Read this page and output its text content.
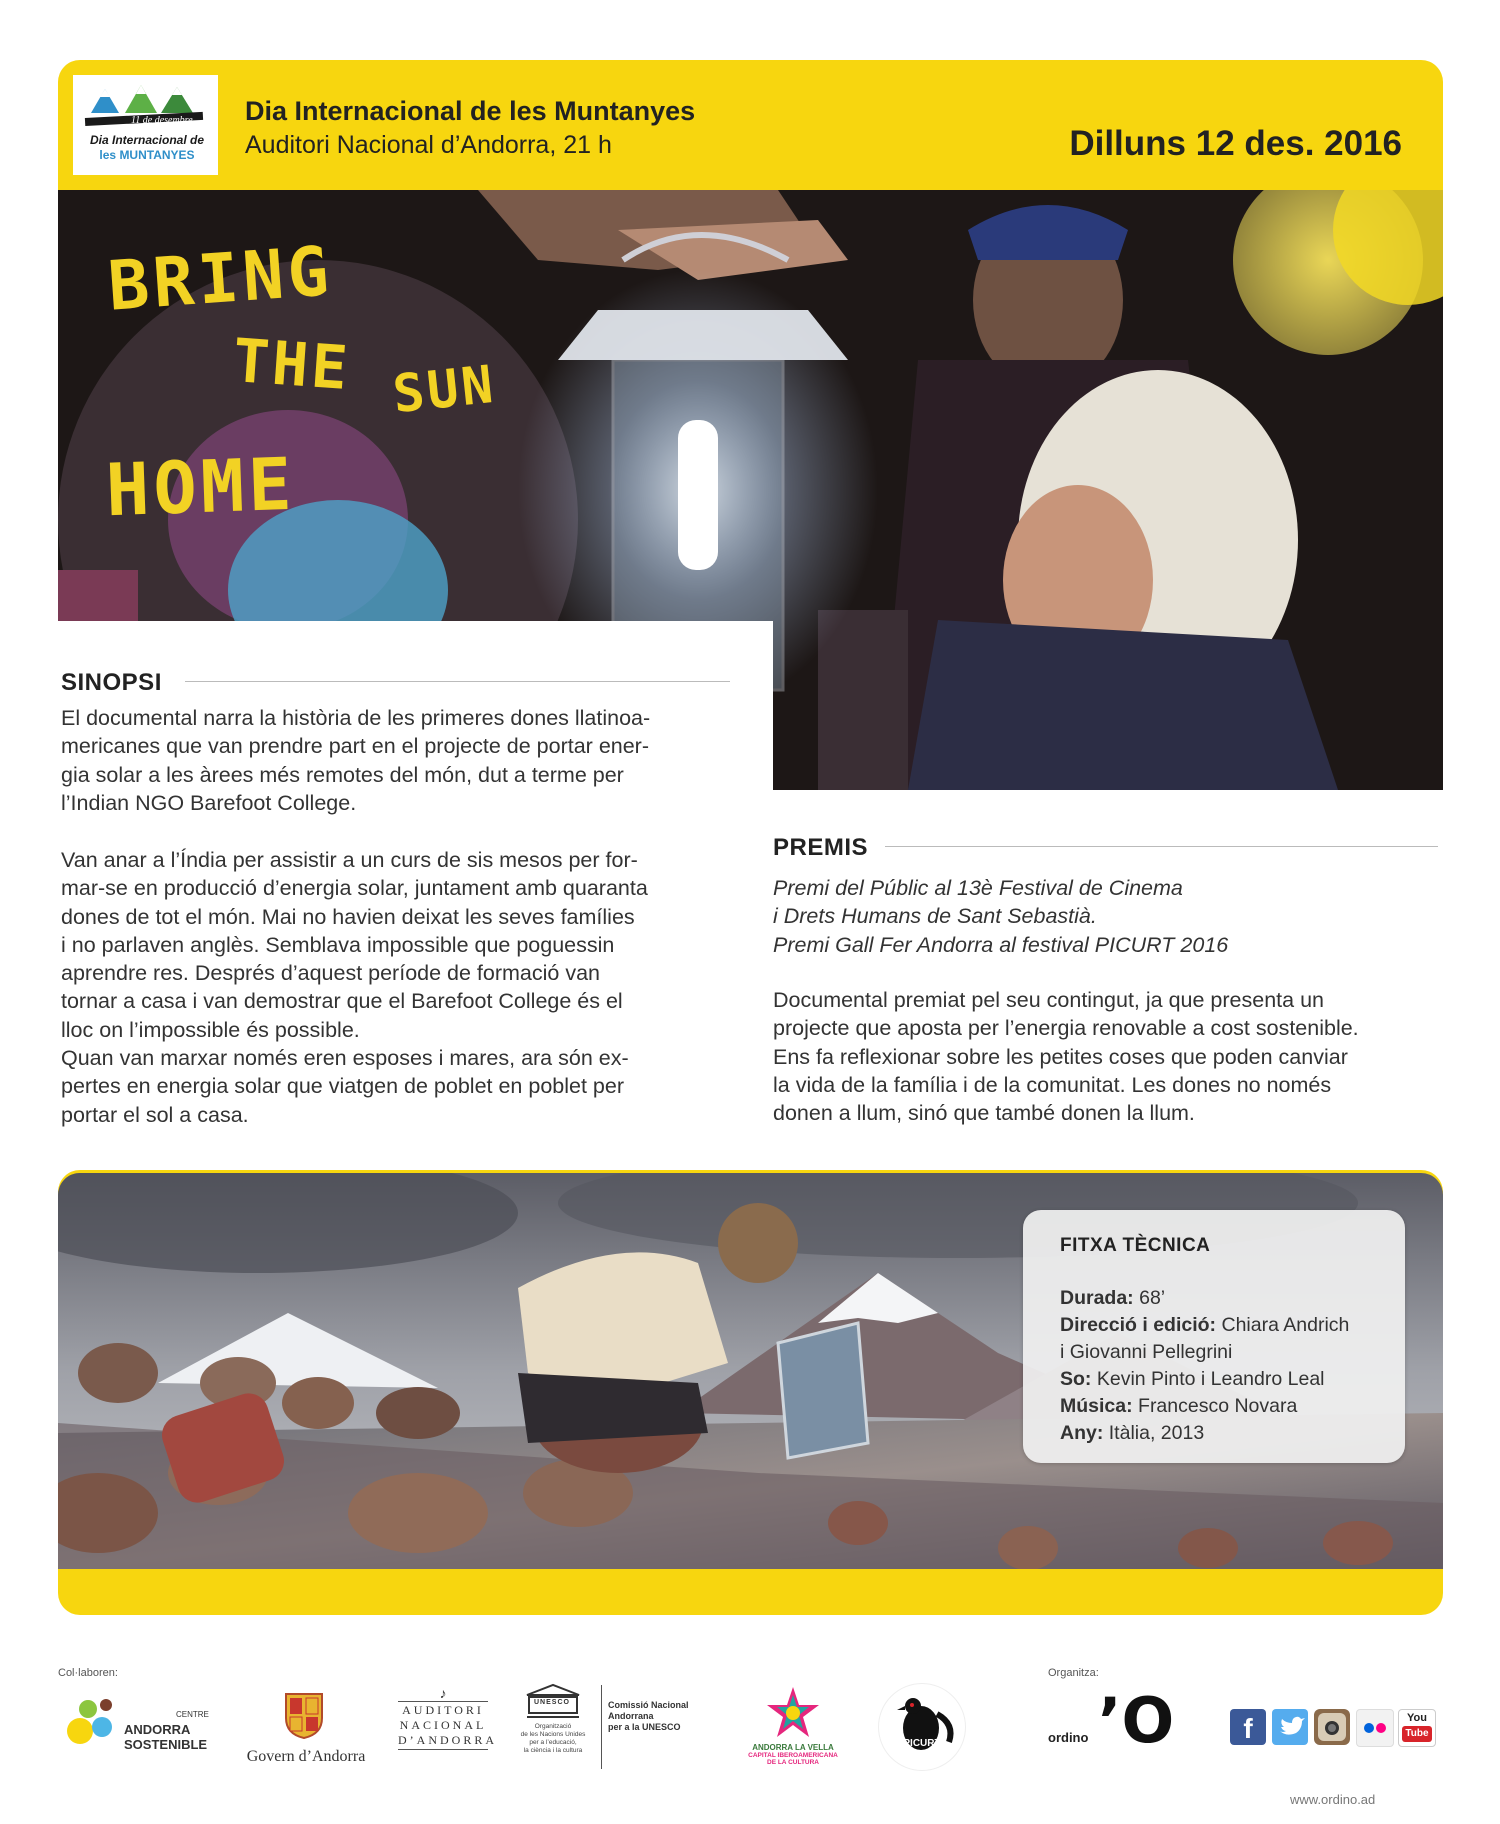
11 de desembre
Dia Internacional de
les MUNTANYES
Dia Internacional de les Muntanyes
Auditori Nacional d’Andorra, 21 h	Dilluns 12 des. 2016
BRING
THE SUN
HOME
SINOPSI
El documental narra la història de les primeres dones llatinoa-
mericanes que van prendre part en el projecte de portar ener-
gia solar a les àrees més remotes del món, dut a terme per
l’Indian NGO Barefoot College.
Van anar a l’Índia per assistir a un curs de sis mesos per for-
mar-se en producció d’energia solar, juntament amb quaranta
dones de tot el món. Mai no havien deixat les seves famílies
i no parlaven anglès. Semblava impossible que poguessin
aprendre res. Després d’aquest període de formació van
tornar a casa i van demostrar que el Barefoot College és el
lloc on l’impossible és possible.
Quan van marxar només eren esposes i mares, ara són ex-
pertes en energia solar que viatgen de poblet en poblet per
portar el sol a casa.
PREMIS
Premi del Públic al 13è Festival de Cinema
i Drets Humans de Sant Sebastià.
Premi Gall Fer Andorra al festival PICURT 2016
Documental premiat pel seu contingut, ja que presenta un
projecte que aposta per l’energia renovable a cost sostenible.
Ens fa reflexionar sobre les petites coses que poden canviar
la vida de la família i de la comunitat. Les dones no només
donen a llum, sinó que també donen la llum.
FITXA TÈCNICA
Durada: 68’
Direcció i edició: Chiara Andrich
i Giovanni Pellegrini
So: Kevin Pinto i Leandro Leal
Música: Francesco Novara
Any: Itàlia, 2013
Col·laboren:	Organitza:
CENTRE
ANDORRA
SOSTENIBLE
Govern d’Andorra
♪
AUDITORI
NACIONAL
D’ANDORRA
UNESCO
Organització
de les Nacions Unides
per a l’educació,
la ciència i la cultura
Comissió Nacional Andorrana
per a la UNESCO
ANDORRA LA VELLA
CAPITAL IBEROAMERICANA
DE LA CULTURA
PICURT	ordino ’O	f	You
Tube
www.ordino.ad
